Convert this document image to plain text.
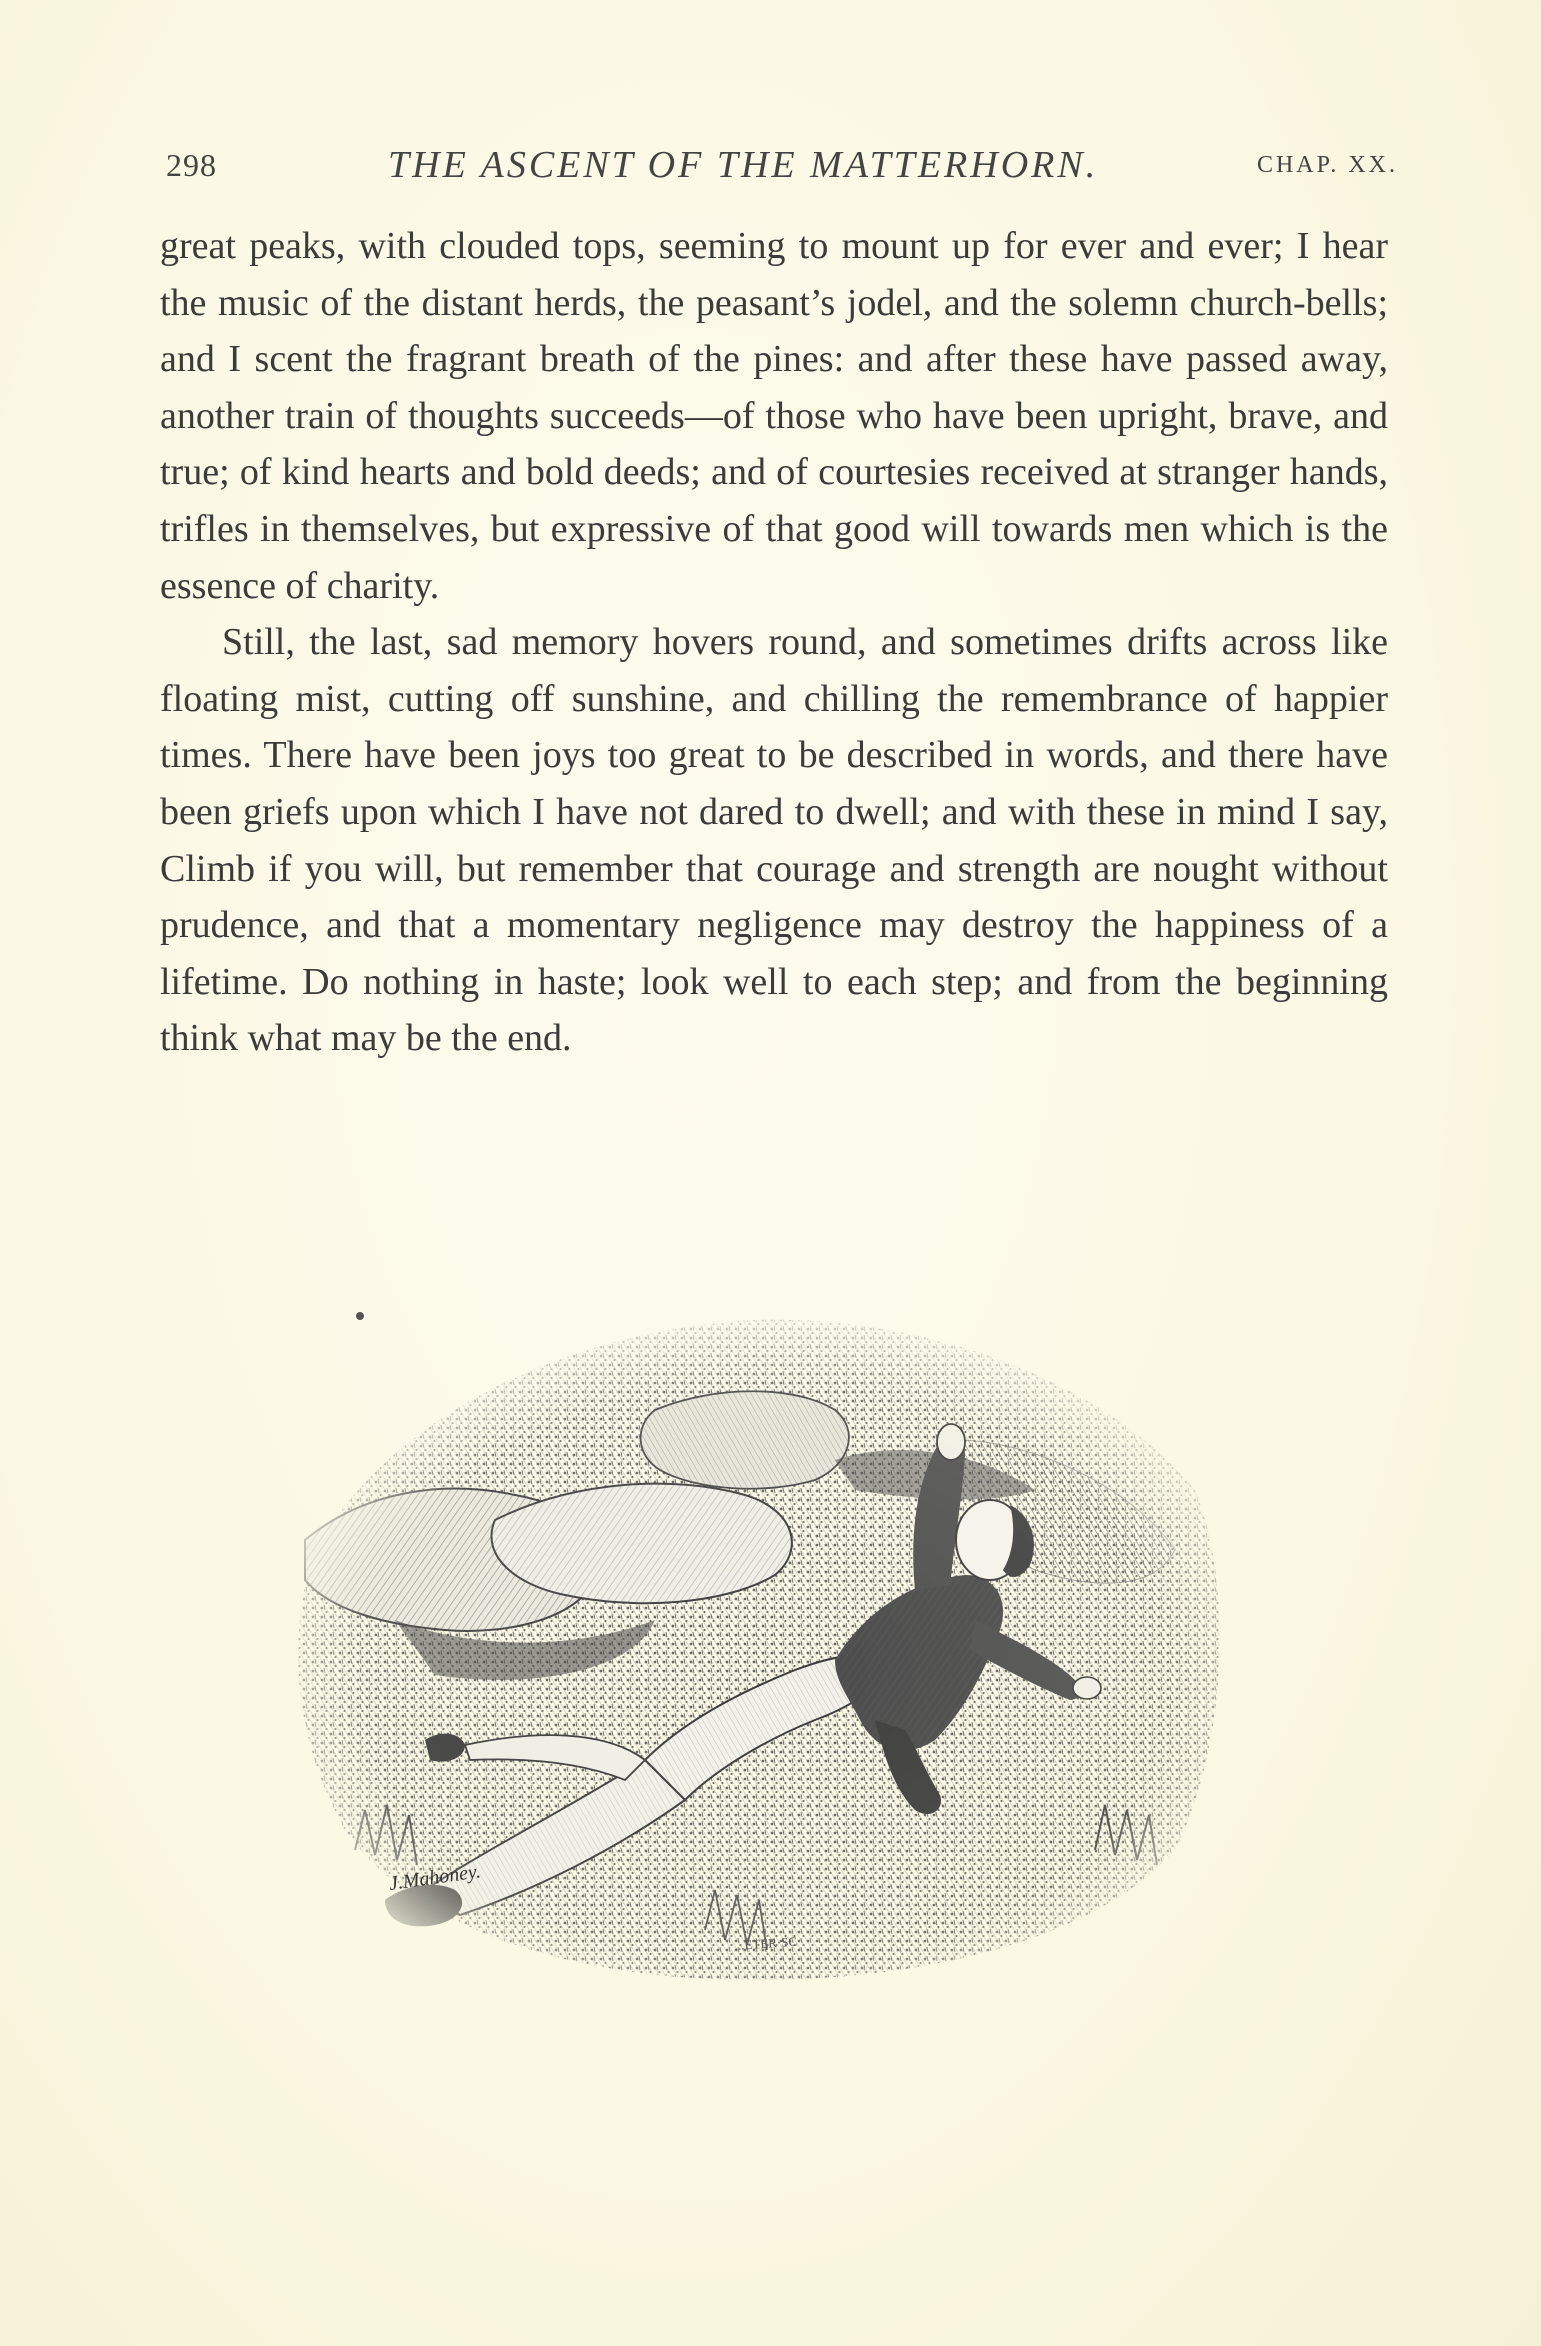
298	THE ASCENT OF THE MATTERHORN.	CHAP. XX.

great peaks, with clouded tops, seeming to mount up for ever and ever; I hear the music of the distant herds, the peasant’s jodel, and the solemn church-bells; and I scent the fragrant breath of the pines: and after these have passed away, another train of thoughts succeeds—of those who have been upright, brave, and true; of kind hearts and bold deeds; and of courtesies received at stranger hands, trifles in themselves, but expressive of that good will towards men which is the essence of charity.

Still, the last, sad memory hovers round, and sometimes drifts across like floating mist, cutting off sunshine, and chilling the remembrance of happier times. There have been joys too great to be described in words, and there have been griefs upon which I have not dared to dwell; and with these in mind I say, Climb if you will, but remember that courage and strength are nought without prudence, and that a momentary negligence may destroy the happiness of a lifetime. Do nothing in haste; look well to each step; and from the beginning think what may be the end.

J.Mahoney.
...ETER·SC
